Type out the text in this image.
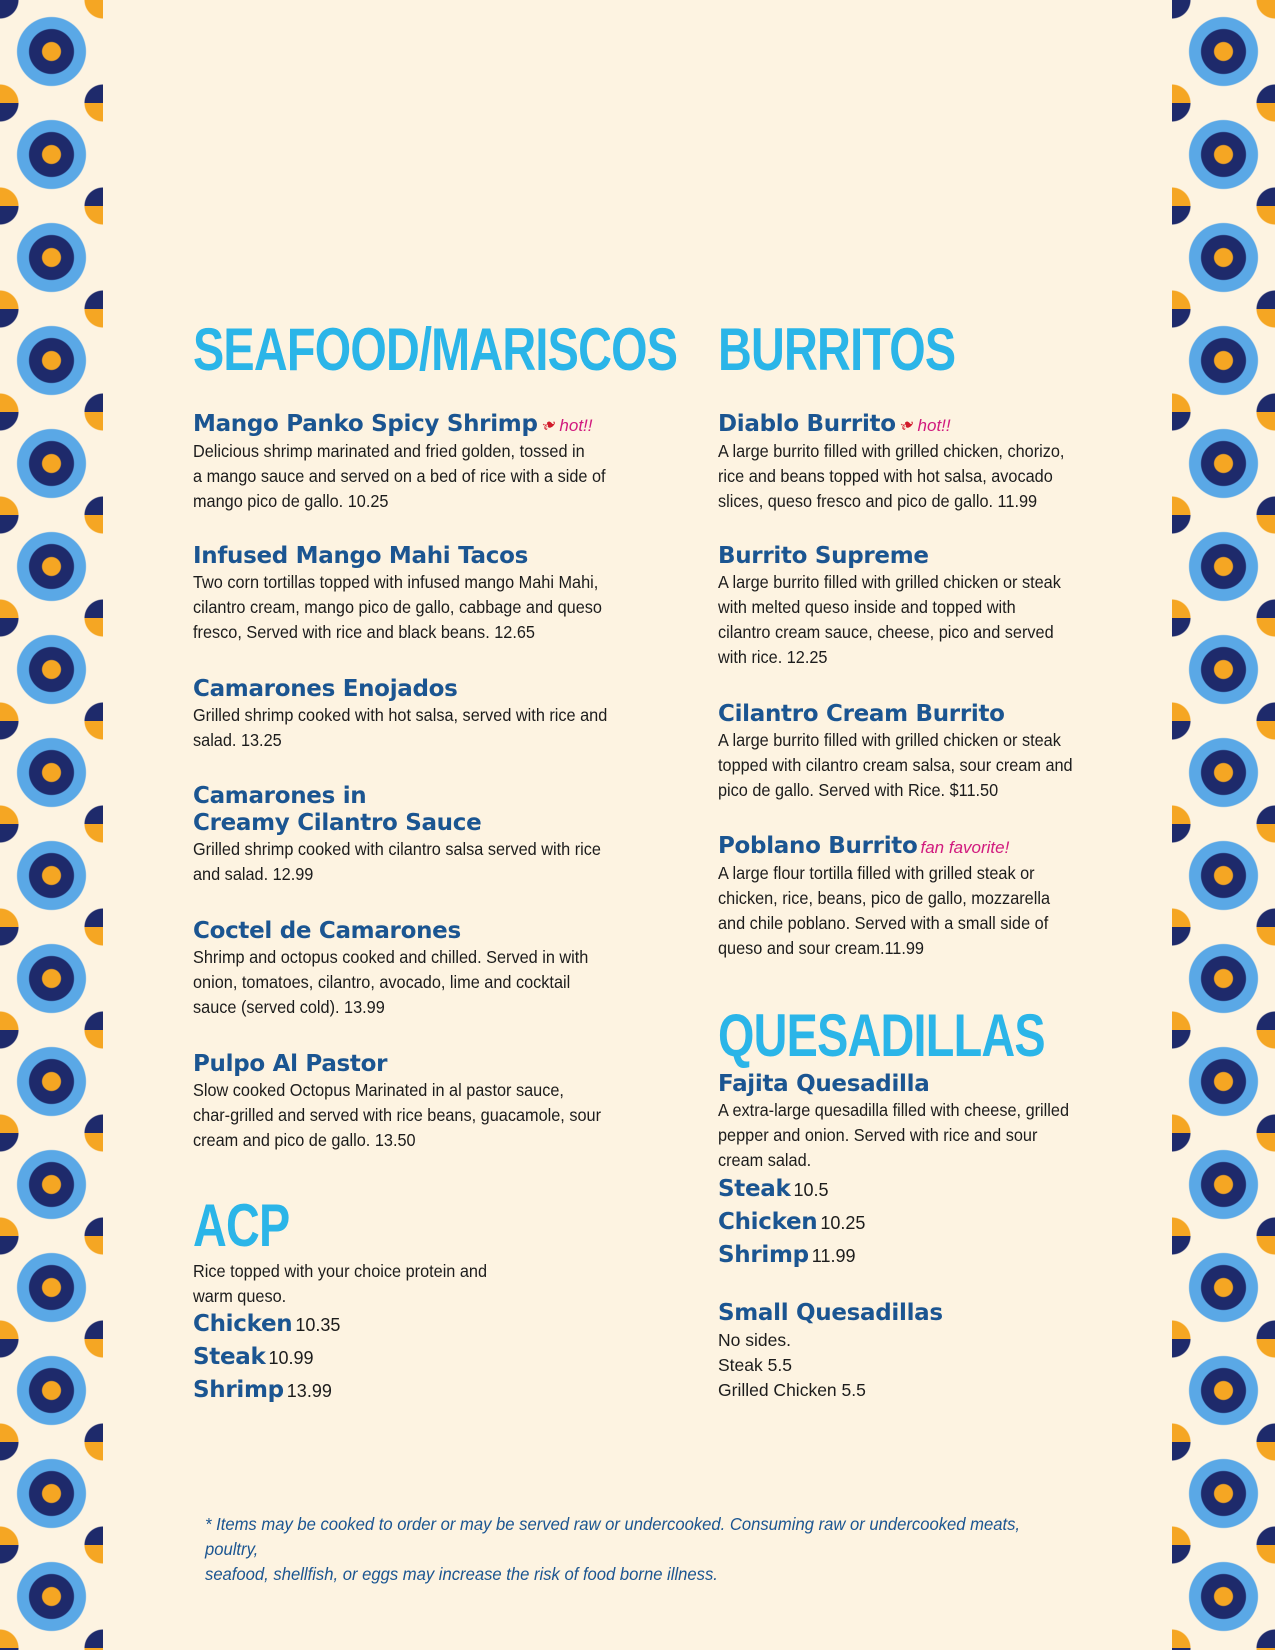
SEAFOOD/MARISCOS

Mango Panko Spicy Shrimp❧hot!!

Delicious shrimp marinated and fried golden, tossed in
a mango sauce and served on a bed of rice with a side of
mango pico de gallo. 10.25

Infused Mango Mahi Tacos

Two corn tortillas topped with infused mango Mahi Mahi,
cilantro cream, mango pico de gallo, cabbage and queso
fresco, Served with rice and black beans. 12.65

Camarones Enojados

Grilled shrimp cooked with hot salsa, served with rice and
salad. 13.25

Camarones in

Creamy Cilantro Sauce

Grilled shrimp cooked with cilantro salsa served with rice
and salad. 12.99

Coctel de Camarones

Shrimp and octopus cooked and chilled. Served in with
onion, tomatoes, cilantro, avocado, lime and cocktail
sauce (served cold). 13.99

Pulpo Al Pastor

Slow cooked Octopus Marinated in al pastor sauce,
char-grilled and served with rice beans, guacamole, sour
cream and pico de gallo. 13.50

ACP

Rice topped with your choice protein and
warm queso.

Chicken 10.35
Steak 10.99
Shrimp 13.99
BURRITOS

Diablo Burrito❧hot!!

A large burrito filled with grilled chicken, chorizo,
rice and beans topped with hot salsa, avocado
slices, queso fresco and pico de gallo. 11.99

Burrito Supreme

A large burrito filled with grilled chicken or steak
with melted queso inside and topped with
cilantro cream sauce, cheese, pico and served
with rice. 12.25

Cilantro Cream Burrito

A large burrito filled with grilled chicken or steak
topped with cilantro cream salsa, sour cream and
pico de gallo. Served with Rice. $11.50

Poblano Burrito fan favorite!

A large flour tortilla filled with grilled steak or
chicken, rice, beans, pico de gallo, mozzarella
and chile poblano. Served with a small side of
queso and sour cream.11.99

QUESADILLAS

Fajita Quesadilla

A extra-large quesadilla filled with cheese, grilled
pepper and onion. Served with rice and sour
cream salad.

Steak 10.5
Chicken 10.25
Shrimp 11.99

Small Quesadillas

No sides.
Steak 5.5
Grilled Chicken 5.5

* Items may be cooked to order or may be served raw or undercooked. Consuming raw or undercooked meats, poultry,
seafood, shellfish, or eggs may increase the risk of food borne illness.
